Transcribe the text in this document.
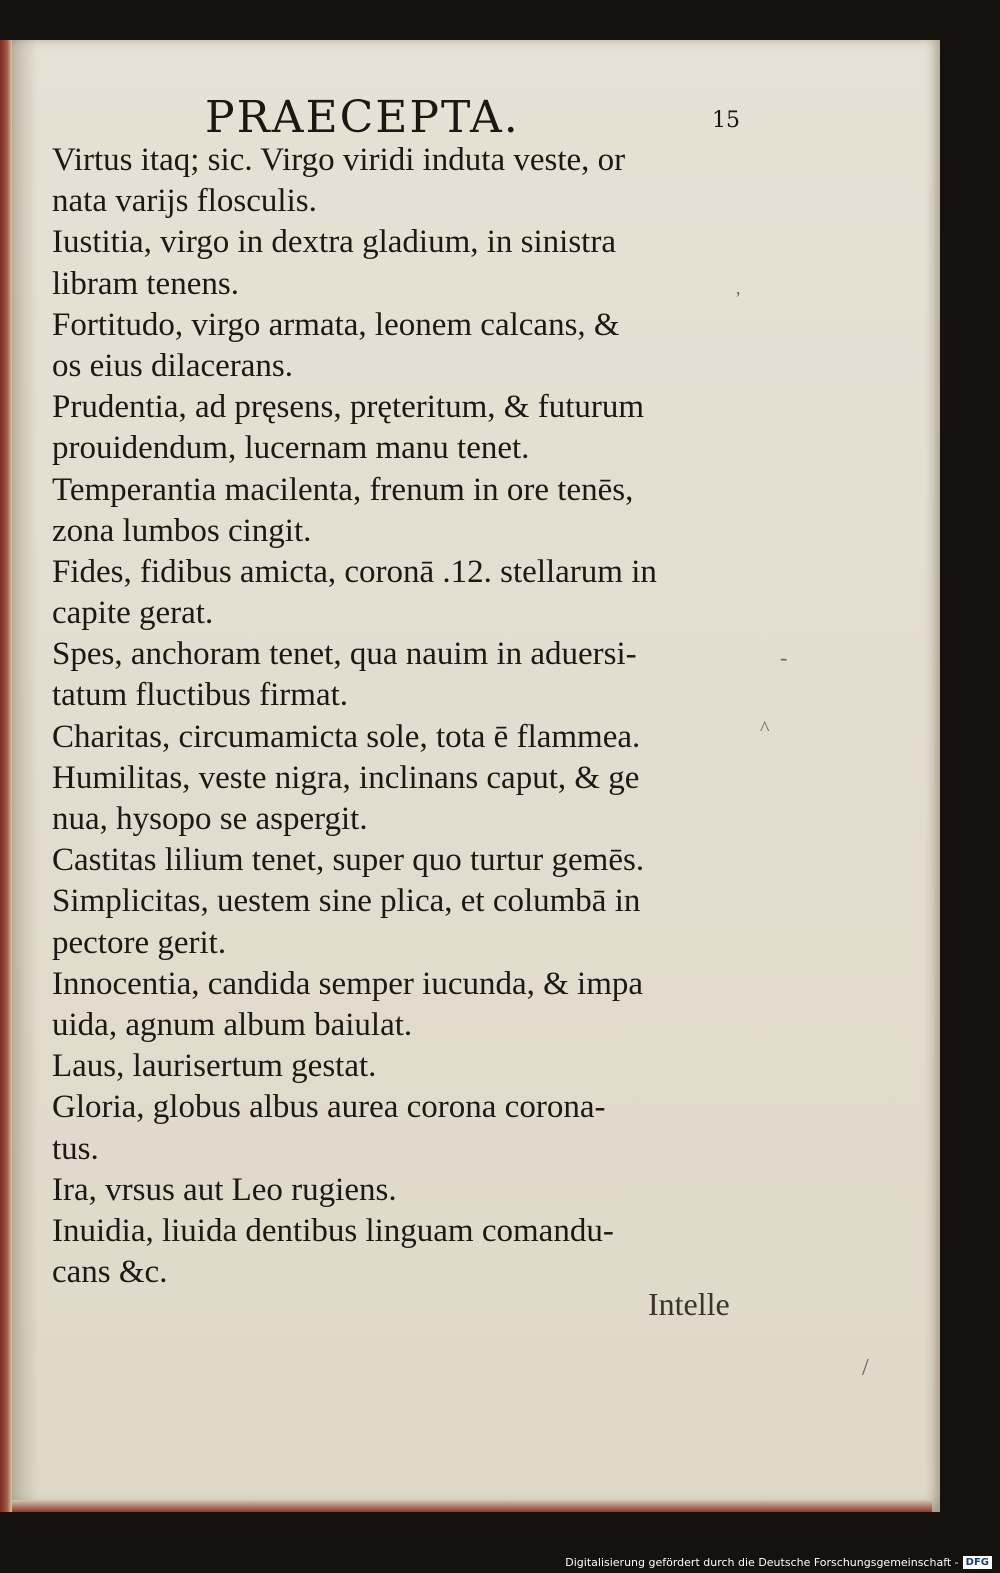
PRAECEPTA.	15
Virtus itaq; sic. Virgo viridi induta veste, or
nata varijs flosculis.
Iustitia, virgo in dextra gladium, in sinistra
libram tenens.
Fortitudo, virgo armata, leonem calcans, &
os eius dilacerans.
Prudentia, ad pręsens, pręteritum, & futurum
prouidendum, lucernam manu tenet.
Temperantia macilenta, frenum in ore tenēs,
zona lumbos cingit.
Fides, fidibus amicta, coronā .12. stellarum in
capite gerat.
Spes, anchoram tenet, qua nauim in aduersi-
tatum fluctibus firmat.
Charitas, circumamicta sole, tota ē flammea.
Humilitas, veste nigra, inclinans caput, & ge
nua, hysopo se aspergit.
Castitas lilium tenet, super quo turtur gemēs.
Simplicitas, uestem sine plica, et columbā in
pectore gerit.
Innocentia, candida semper iucunda, & impa
uida, agnum album baiulat.
Laus, laurisertum gestat.
Gloria, globus albus aurea corona corona-
tus.
Ira, vrsus aut Leo rugiens.
Inuidia, liuida dentibus linguam comandu-
cans &c.
Intelle
,
-
^
/
Digitalisierung gefördert durch die Deutsche Forschungsgemeinschaft - DFG
